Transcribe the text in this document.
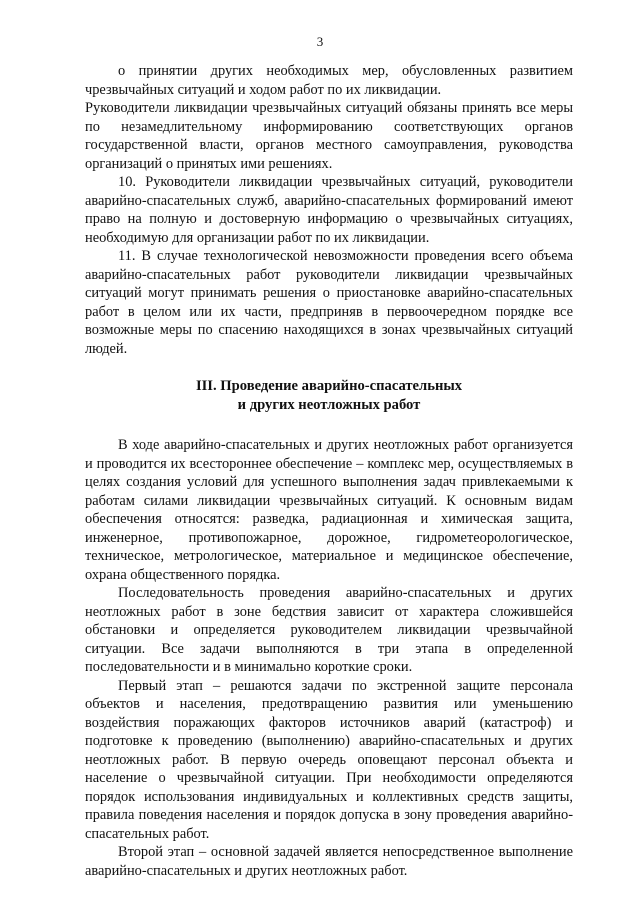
3

о принятии других необходимых мер, обусловленных развитием чрезвычайных ситуаций и ходом работ по их ликвидации.

Руководители ликвидации чрезвычайных ситуаций обязаны принять все меры по незамедлительному информированию соответствующих органов государственной власти, органов местного самоуправления, руководства организаций о принятых ими решениях.

10. Руководители ликвидации чрезвычайных ситуаций, руководители аварийно-спасательных служб, аварийно-спасательных формирований имеют право на полную и достоверную информацию о чрезвычайных ситуациях, необходимую для организации работ по их ликвидации.

11. В случае технологической невозможности проведения всего объема аварийно-спасательных работ руководители ликвидации чрезвычайных ситуаций могут принимать решения о приостановке аварийно-спасательных работ в целом или их части, предприняв в первоочередном порядке все возможные меры по спасению находящихся в зонах чрезвычайных ситуаций людей.

III. Проведение аварийно-спасательных
и других неотложных работ

В ходе аварийно-спасательных и других неотложных работ организуется и проводится их всестороннее обеспечение – комплекс мер, осуществляемых в целях создания условий для успешного выполнения задач привлекаемыми к работам силами ликвидации чрезвычайных ситуаций. К основным видам обеспечения относятся: разведка, радиационная и химическая защита, инженерное, противопожарное, дорожное, гидрометеорологическое, техническое, метрологическое, материальное и медицинское обеспечение, охрана общественного порядка.

Последовательность проведения аварийно-спасательных и других неотложных работ в зоне бедствия зависит от характера сложившейся обстановки и определяется руководителем ликвидации чрезвычайной ситуации. Все задачи выполняются в три этапа в определенной последовательности и в минимально короткие сроки.

Первый этап – решаются задачи по экстренной защите персонала объектов и населения, предотвращению развития или уменьшению воздействия поражающих факторов источников аварий (катастроф) и подготовке к проведению (выполнению) аварийно-спасательных и других неотложных работ. В первую очередь оповещают персонал объекта и население о чрезвычайной ситуации. При необходимости определяются порядок использования индивидуальных и коллективных средств защиты, правила поведения населения и порядок допуска в зону проведения аварийно-спасательных работ.

Второй этап – основной задачей является непосредственное выполнение аварийно-спасательных и других неотложных работ.
